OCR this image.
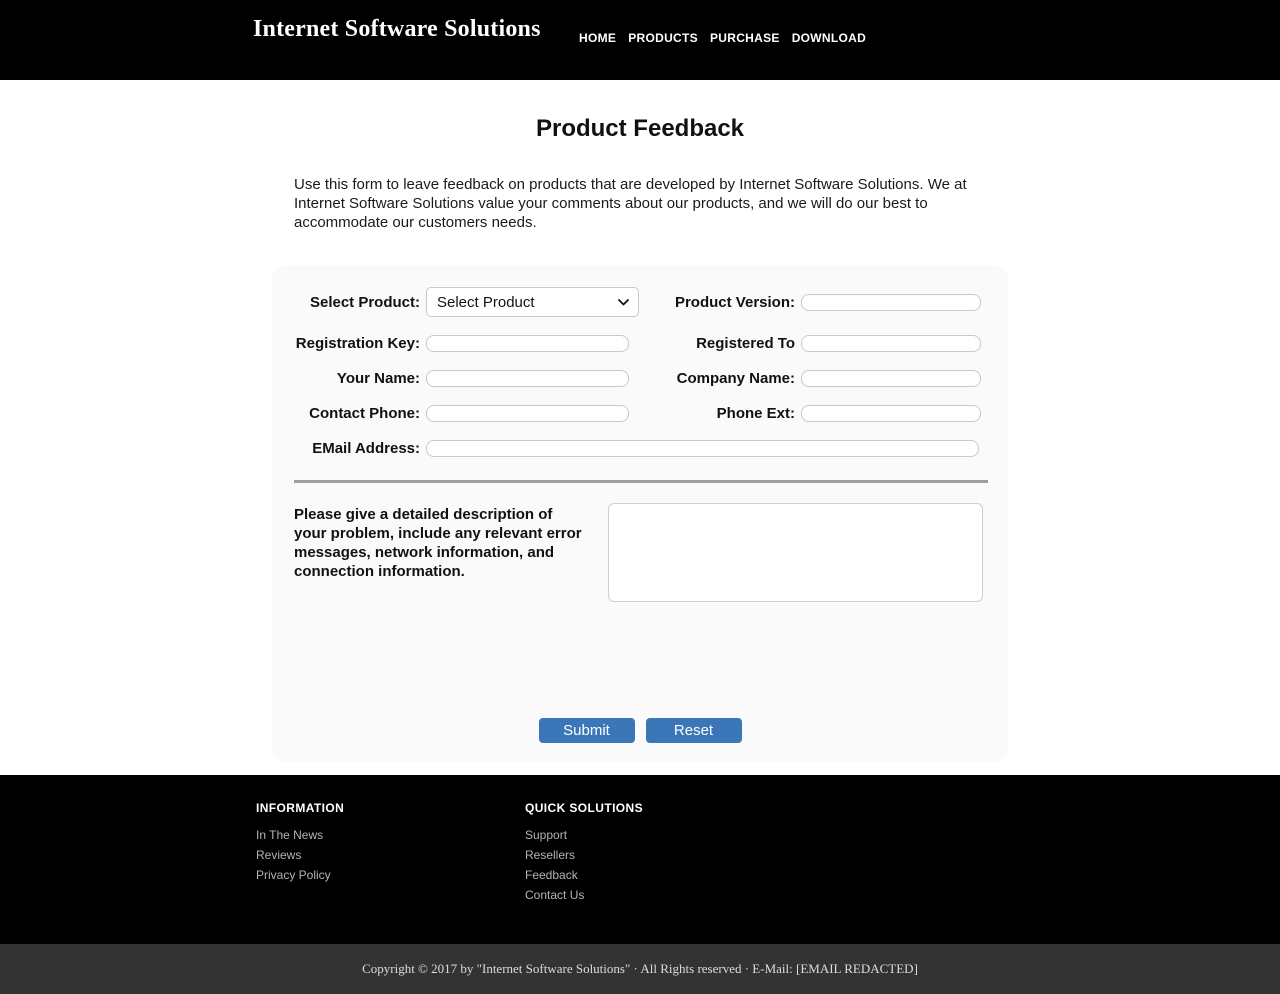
Internet Software Solutions	HOME PRODUCTS PURCHASE DOWNLOAD
Product Feedback

Use this form to leave feedback on products that are developed by Internet Software Solutions. We at Internet Software Solutions value your comments about our products, and we will do our best to accommodate our customers needs.

Select Product:	Select Product	Product Version:
Registration Key:	Registered To
Your Name:	Company Name:
Contact Phone:	Phone Ext:
EMail Address:
Please give a detailed description of your problem, include any relevant error messages, network information, and connection information.
Submit	Reset
INFORMATION
In The News
Reviews
Privacy Policy
QUICK SOLUTIONS
Support
Resellers
Feedback
Contact Us
Copyright © 2017 by "Internet Software Solutions" · All Rights reserved · E-Mail: [EMAIL REDACTED]
